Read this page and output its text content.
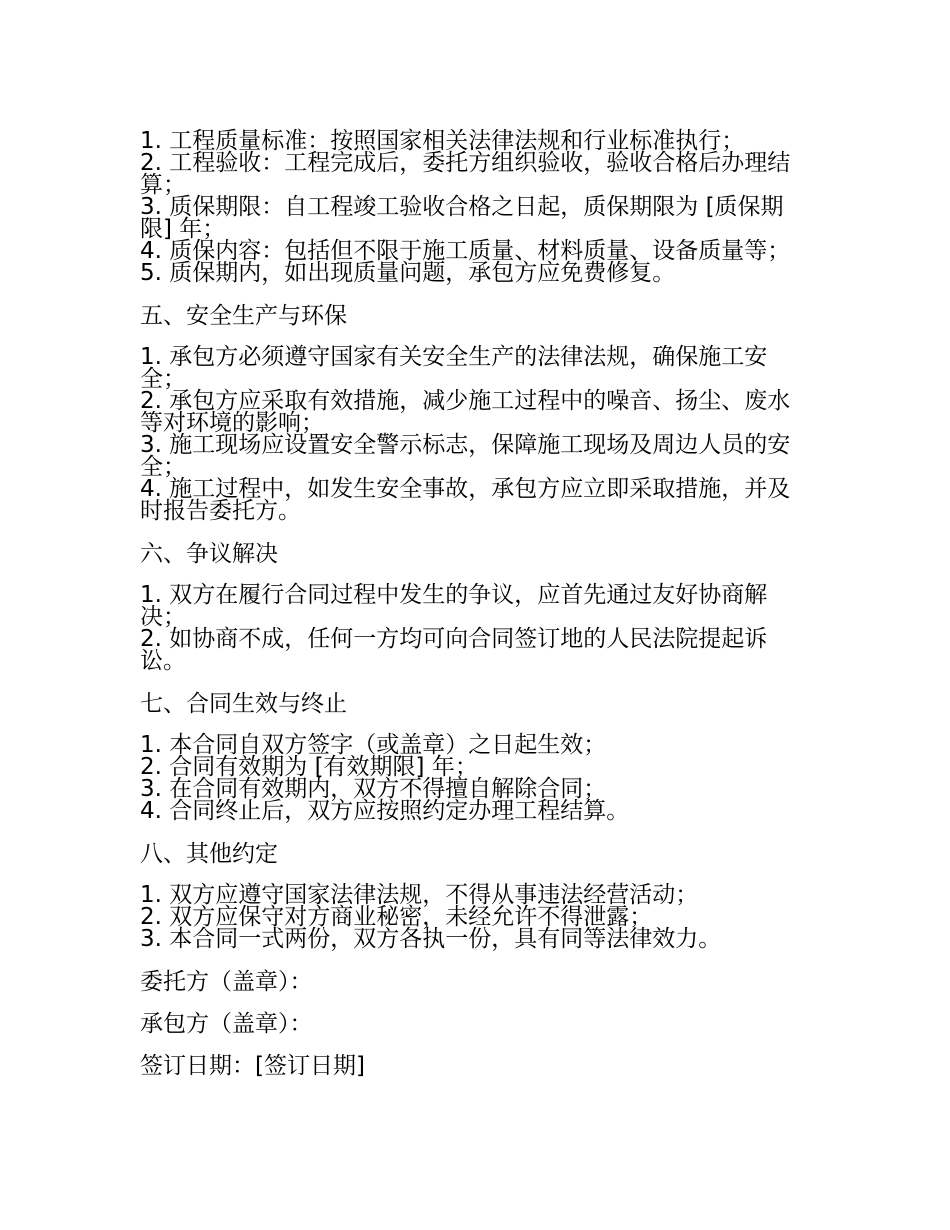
1. 工程质量标准：按照国家相关法律法规和行业标准执行；

2. 工程验收：工程完成后，委托方组织验收，验收合格后办理结算；

3. 质保期限：自工程竣工验收合格之日起，质保期限为 [质保期限] 年；

4. 质保内容：包括但不限于施工质量、材料质量、设备质量等；

5. 质保期内，如出现质量问题，承包方应免费修复。

五、安全生产与环保

1. 承包方必须遵守国家有关安全生产的法律法规，确保施工安全；

2. 承包方应采取有效措施，减少施工过程中的噪音、扬尘、废水等对环境的影响；

3. 施工现场应设置安全警示标志，保障施工现场及周边人员的安全；

4. 施工过程中，如发生安全事故，承包方应立即采取措施，并及时报告委托方。

六、争议解决

1. 双方在履行合同过程中发生的争议，应首先通过友好协商解决；

2. 如协商不成，任何一方均可向合同签订地的人民法院提起诉讼。

七、合同生效与终止

1. 本合同自双方签字（或盖章）之日起生效；

2. 合同有效期为 [有效期限] 年；

3. 在合同有效期内，双方不得擅自解除合同；

4. 合同终止后，双方应按照约定办理工程结算。

八、其他约定

1. 双方应遵守国家法律法规，不得从事违法经营活动；

2. 双方应保守对方商业秘密，未经允许不得泄露；

3. 本合同一式两份，双方各执一份，具有同等法律效力。

委托方（盖章）：

承包方（盖章）：

签订日期：[签订日期]
